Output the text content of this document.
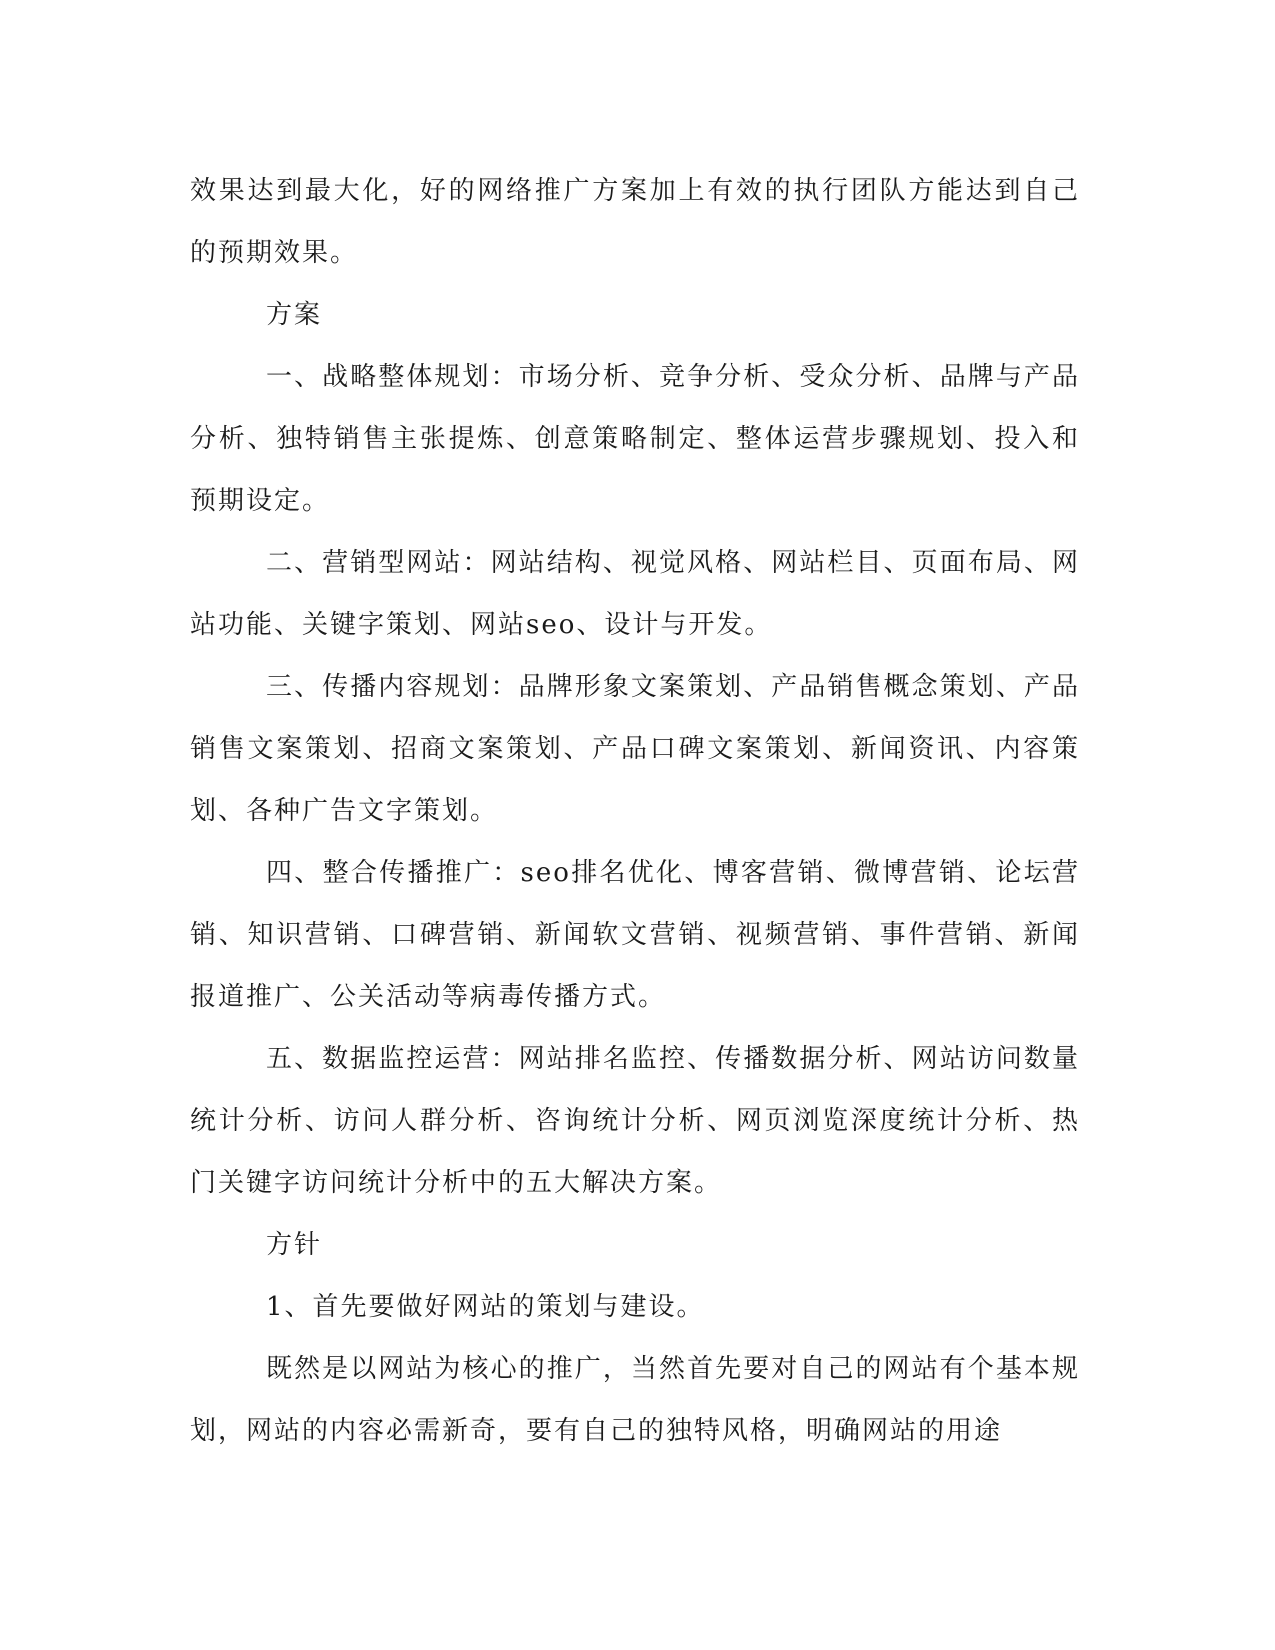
效果达到最大化，好的网络推广方案加上有效的执行团队方能达到自己的预期效果。

方案

一、战略整体规划：市场分析、竞争分析、受众分析、品牌与产品分析、独特销售主张提炼、创意策略制定、整体运营步骤规划、投入和预期设定。

二、营销型网站：网站结构、视觉风格、网站栏目、页面布局、网站功能、关键字策划、网站seo、设计与开发。

三、传播内容规划：品牌形象文案策划、产品销售概念策划、产品销售文案策划、招商文案策划、产品口碑文案策划、新闻资讯、内容策划、各种广告文字策划。

四、整合传播推广：seo排名优化、博客营销、微博营销、论坛营销、知识营销、口碑营销、新闻软文营销、视频营销、事件营销、新闻报道推广、公关活动等病毒传播方式。

五、数据监控运营：网站排名监控、传播数据分析、网站访问数量统计分析、访问人群分析、咨询统计分析、网页浏览深度统计分析、热门关键字访问统计分析中的五大解决方案。

方针

1、首先要做好网站的策划与建设。

既然是以网站为核心的推广，当然首先要对自己的网站有个基本规划，网站的内容必需新奇，要有自己的独特风格，明确网站的用途
